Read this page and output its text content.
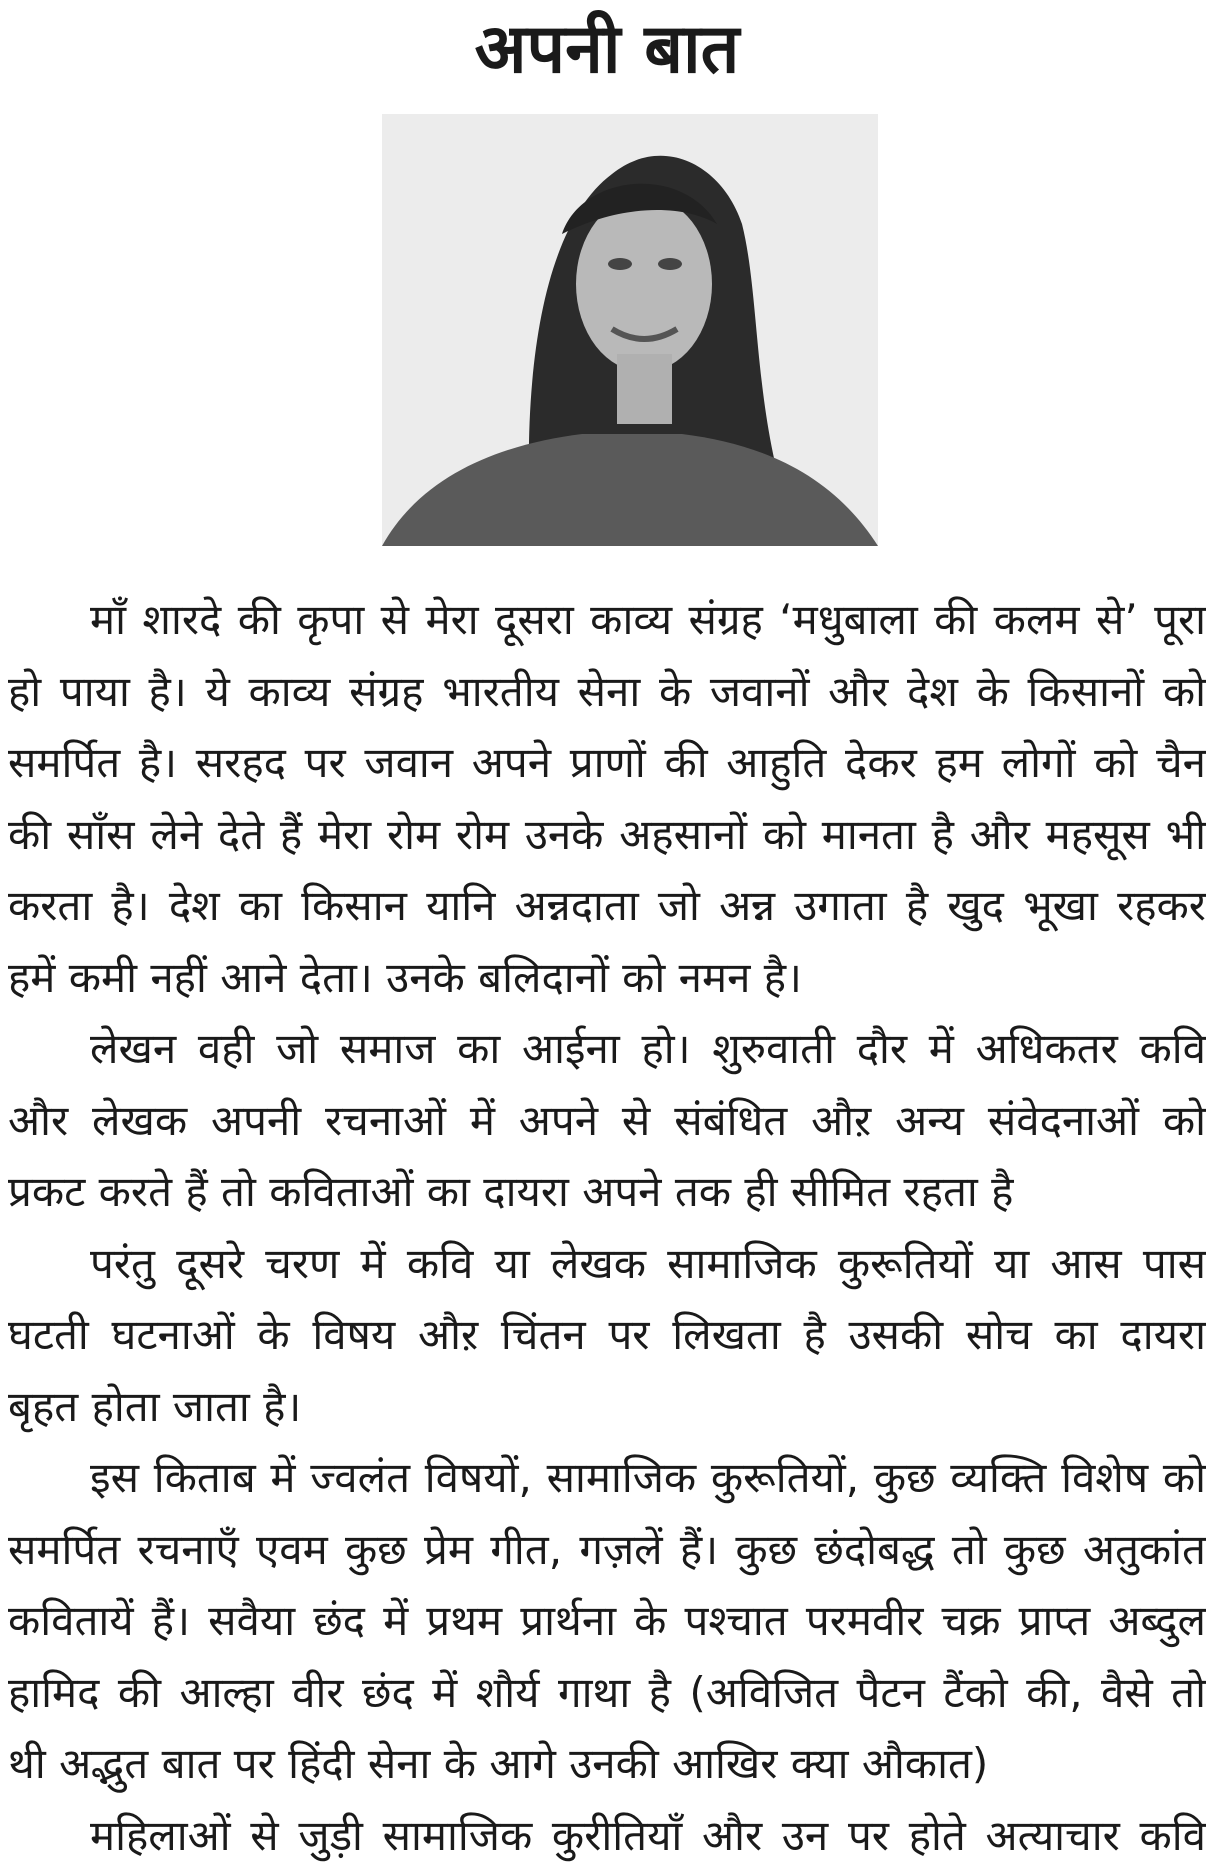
अपनी बात
माँ शारदे की कृपा से मेरा दूसरा काव्य संग्रह ‘मधुबाला की कलम से’ पूरा
हो पाया है। ये काव्य संग्रह भारतीय सेना के जवानों और देश के किसानों को
समर्पित है। सरहद पर जवान अपने प्राणों की आहुति देकर हम लोगों को चैन
की साँस लेने देते हैं मेरा रोम रोम उनके अहसानों को मानता है और महसूस भी
करता है। देश का किसान यानि अन्नदाता जो अन्न उगाता है खुद भूखा रहकर
हमें कमी नहीं आने देता। उनके बलिदानों को नमन है।
लेखन वही जो समाज का आईना हो। शुरुवाती दौर में अधिकतर कवि
और लेखक अपनी रचनाओं में अपने से संबंधित औऱ अन्य संवेदनाओं को
प्रकट करते हैं तो कविताओं का दायरा अपने तक ही सीमित रहता है
परंतु दूसरे चरण में कवि या लेखक सामाजिक कुरूतियों या आस पास
घटती घटनाओं के विषय औऱ चिंतन पर लिखता है उसकी सोच का दायरा
बृहत होता जाता है।
इस किताब में ज्वलंत विषयों, सामाजिक कुरूतियों, कुछ व्यक्ति विशेष को
समर्पित रचनाएँ एवम कुछ प्रेम गीत, गज़लें हैं। कुछ छंदोबद्ध तो कुछ अतुकांत
कवितायें हैं। सवैया छंद में प्रथम प्रार्थना के पश्चात परमवीर चक्र प्राप्त अब्दुल
हामिद की आल्हा वीर छंद में शौर्य गाथा है (अविजित पैटन टैंको की, वैसे तो
थी अद्भुत बात पर हिंदी सेना के आगे उनकी आखिर क्या औकात)
महिलाओं से जुड़ी सामाजिक कुरीतियाँ और उन पर होते अत्याचार कवि
